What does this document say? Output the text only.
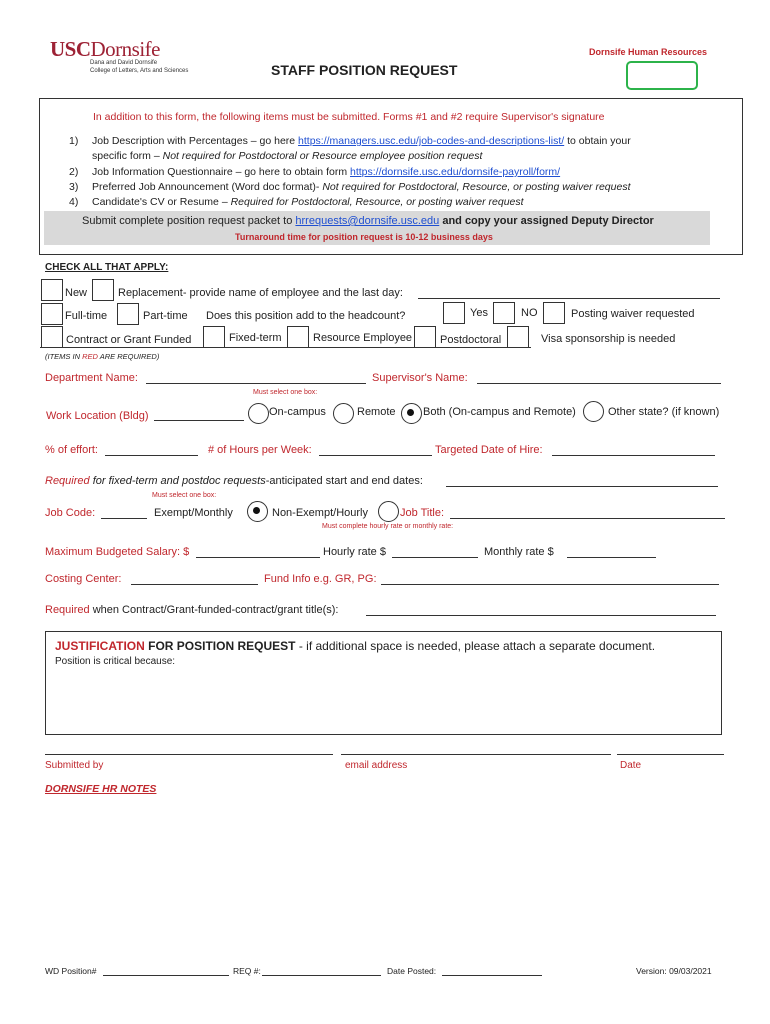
USCDornsife
Dana and David Dornsife
College of Letters, Arts and Sciences
Dornsife Human Resources
STAFF POSITION REQUEST
In addition to this form, the following items must be submitted. Forms #1 and #2 require Supervisor's signature
1) Job Description with Percentages – go here https://managers.usc.edu/job-codes-and-descriptions-list/ to obtain your
specific form – Not required for Postdoctoral or Resource employee position request
2) Job Information Questionnaire – go here to obtain form https://dornsife.usc.edu/dornsife-payroll/form/
3) Preferred Job Announcement (Word doc format)- Not required for Postdoctoral, Resource, or posting waiver request
4) Candidate's CV or Resume – Required for Postdoctoral, Resource, or posting waiver request
Submit complete position request packet to hrrequests@dornsife.usc.edu and copy your assigned Deputy Director
Turnaround time for position request is 10-12 business days
CHECK ALL THAT APPLY:
New	Replacement- provide name of employee and the last day:
Full-time	Part-time Does this position add to the headcount?	Yes	NO	Posting waiver requested
Contract or Grant Funded	Fixed-term	Resource Employee	Postdoctoral	Visa sponsorship is needed
(ITEMS IN RED ARE REQUIRED)
Department Name:	Supervisor's Name:
Must select one box:
Work Location (Bldg)	On-campus	Remote Both (On-campus and Remote)	Other state? (if known)
% of effort:	# of Hours per Week:	Targeted Date of Hire:
Required for fixed-term and postdoc requests-anticipated start and end dates:
Must select one box:
Job Code:	Exempt/Monthly	Non-Exempt/Hourly	Job Title:
Must complete hourly rate or monthly rate:
Maximum Budgeted Salary: $	Hourly rate $	Monthly rate $
Costing Center:	Fund Info e.g. GR, PG:
Required when Contract/Grant-funded-contract/grant title(s):
JUSTIFICATION FOR POSITION REQUEST - if additional space is needed, please attach a separate document.
Position is critical because:
Submitted by	email address	Date
DORNSIFE HR NOTES
WD Position#	REQ #:	Date Posted:	Version: 09/03/2021
